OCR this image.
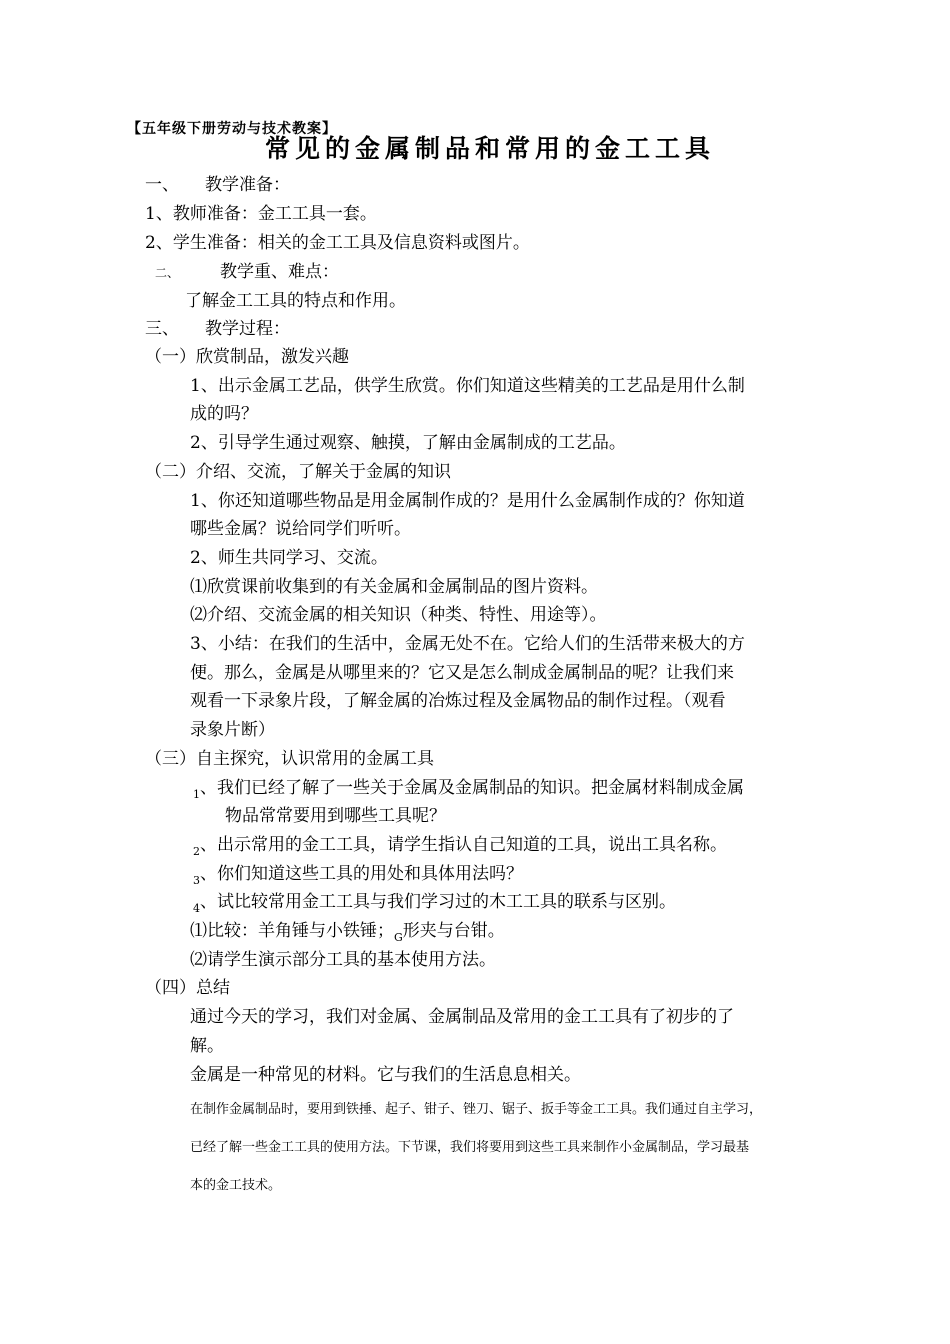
【五年级下册劳动与技术教案】
常见的金属制品和常用的金工工具
一、 教学准备：
1、教师准备：金工工具一套。
2、学生准备：相关的金工工具及信息资料或图片。
二、 教学重、难点：
了解金工工具的特点和作用。
三、 教学过程：
（一）欣赏制品，激发兴趣
1、出示金属工艺品，供学生欣赏。你们知道这些精美的工艺品是用什么制
成的吗？
2、引导学生通过观察、触摸，了解由金属制成的工艺品。
（二）介绍、交流，了解关于金属的知识
1、你还知道哪些物品是用金属制作成的？是用什么金属制作成的？你知道
哪些金属？说给同学们听听。
2、师生共同学习、交流。
⑴欣赏课前收集到的有关金属和金属制品的图片资料。
⑵介绍、交流金属的相关知识（种类、特性、用途等）。
3、小结：在我们的生活中，金属无处不在。它给人们的生活带来极大的方
便。那么，金属是从哪里来的？它又是怎么制成金属制品的呢？让我们来
观看一下录象片段，了解金属的冶炼过程及金属物品的制作过程。（观看
录象片断）
（三）自主探究，认识常用的金属工具
$_1$、我们已经了解了一些关于金属及金属制品的知识。把金属材料制成金属
物品常常要用到哪些工具呢？
$_2$、出示常用的金工工具，请学生指认自己知道的工具，说出工具名称。
$_3$、你们知道这些工具的用处和具体用法吗？
$_4$、试比较常用金工工具与我们学习过的木工工具的联系与区别。
⑴比较：羊角锤与小铁锤；$_G$形夹与台钳。
⑵请学生演示部分工具的基本使用方法。
（四）总结
通过今天的学习，我们对金属、金属制品及常用的金工工具有了初步的了
解。
金属是一种常见的材料。它与我们的生活息息相关。
在制作金属制品时，要用到铁捶、起子、钳子、锉刀、锯子、扳手等金工工具。我们通过自主学习，
已经了解一些金工工具的使用方法。下节课，我们将要用到这些工具来制作小金属制品，学习最基
本的金工技术。
